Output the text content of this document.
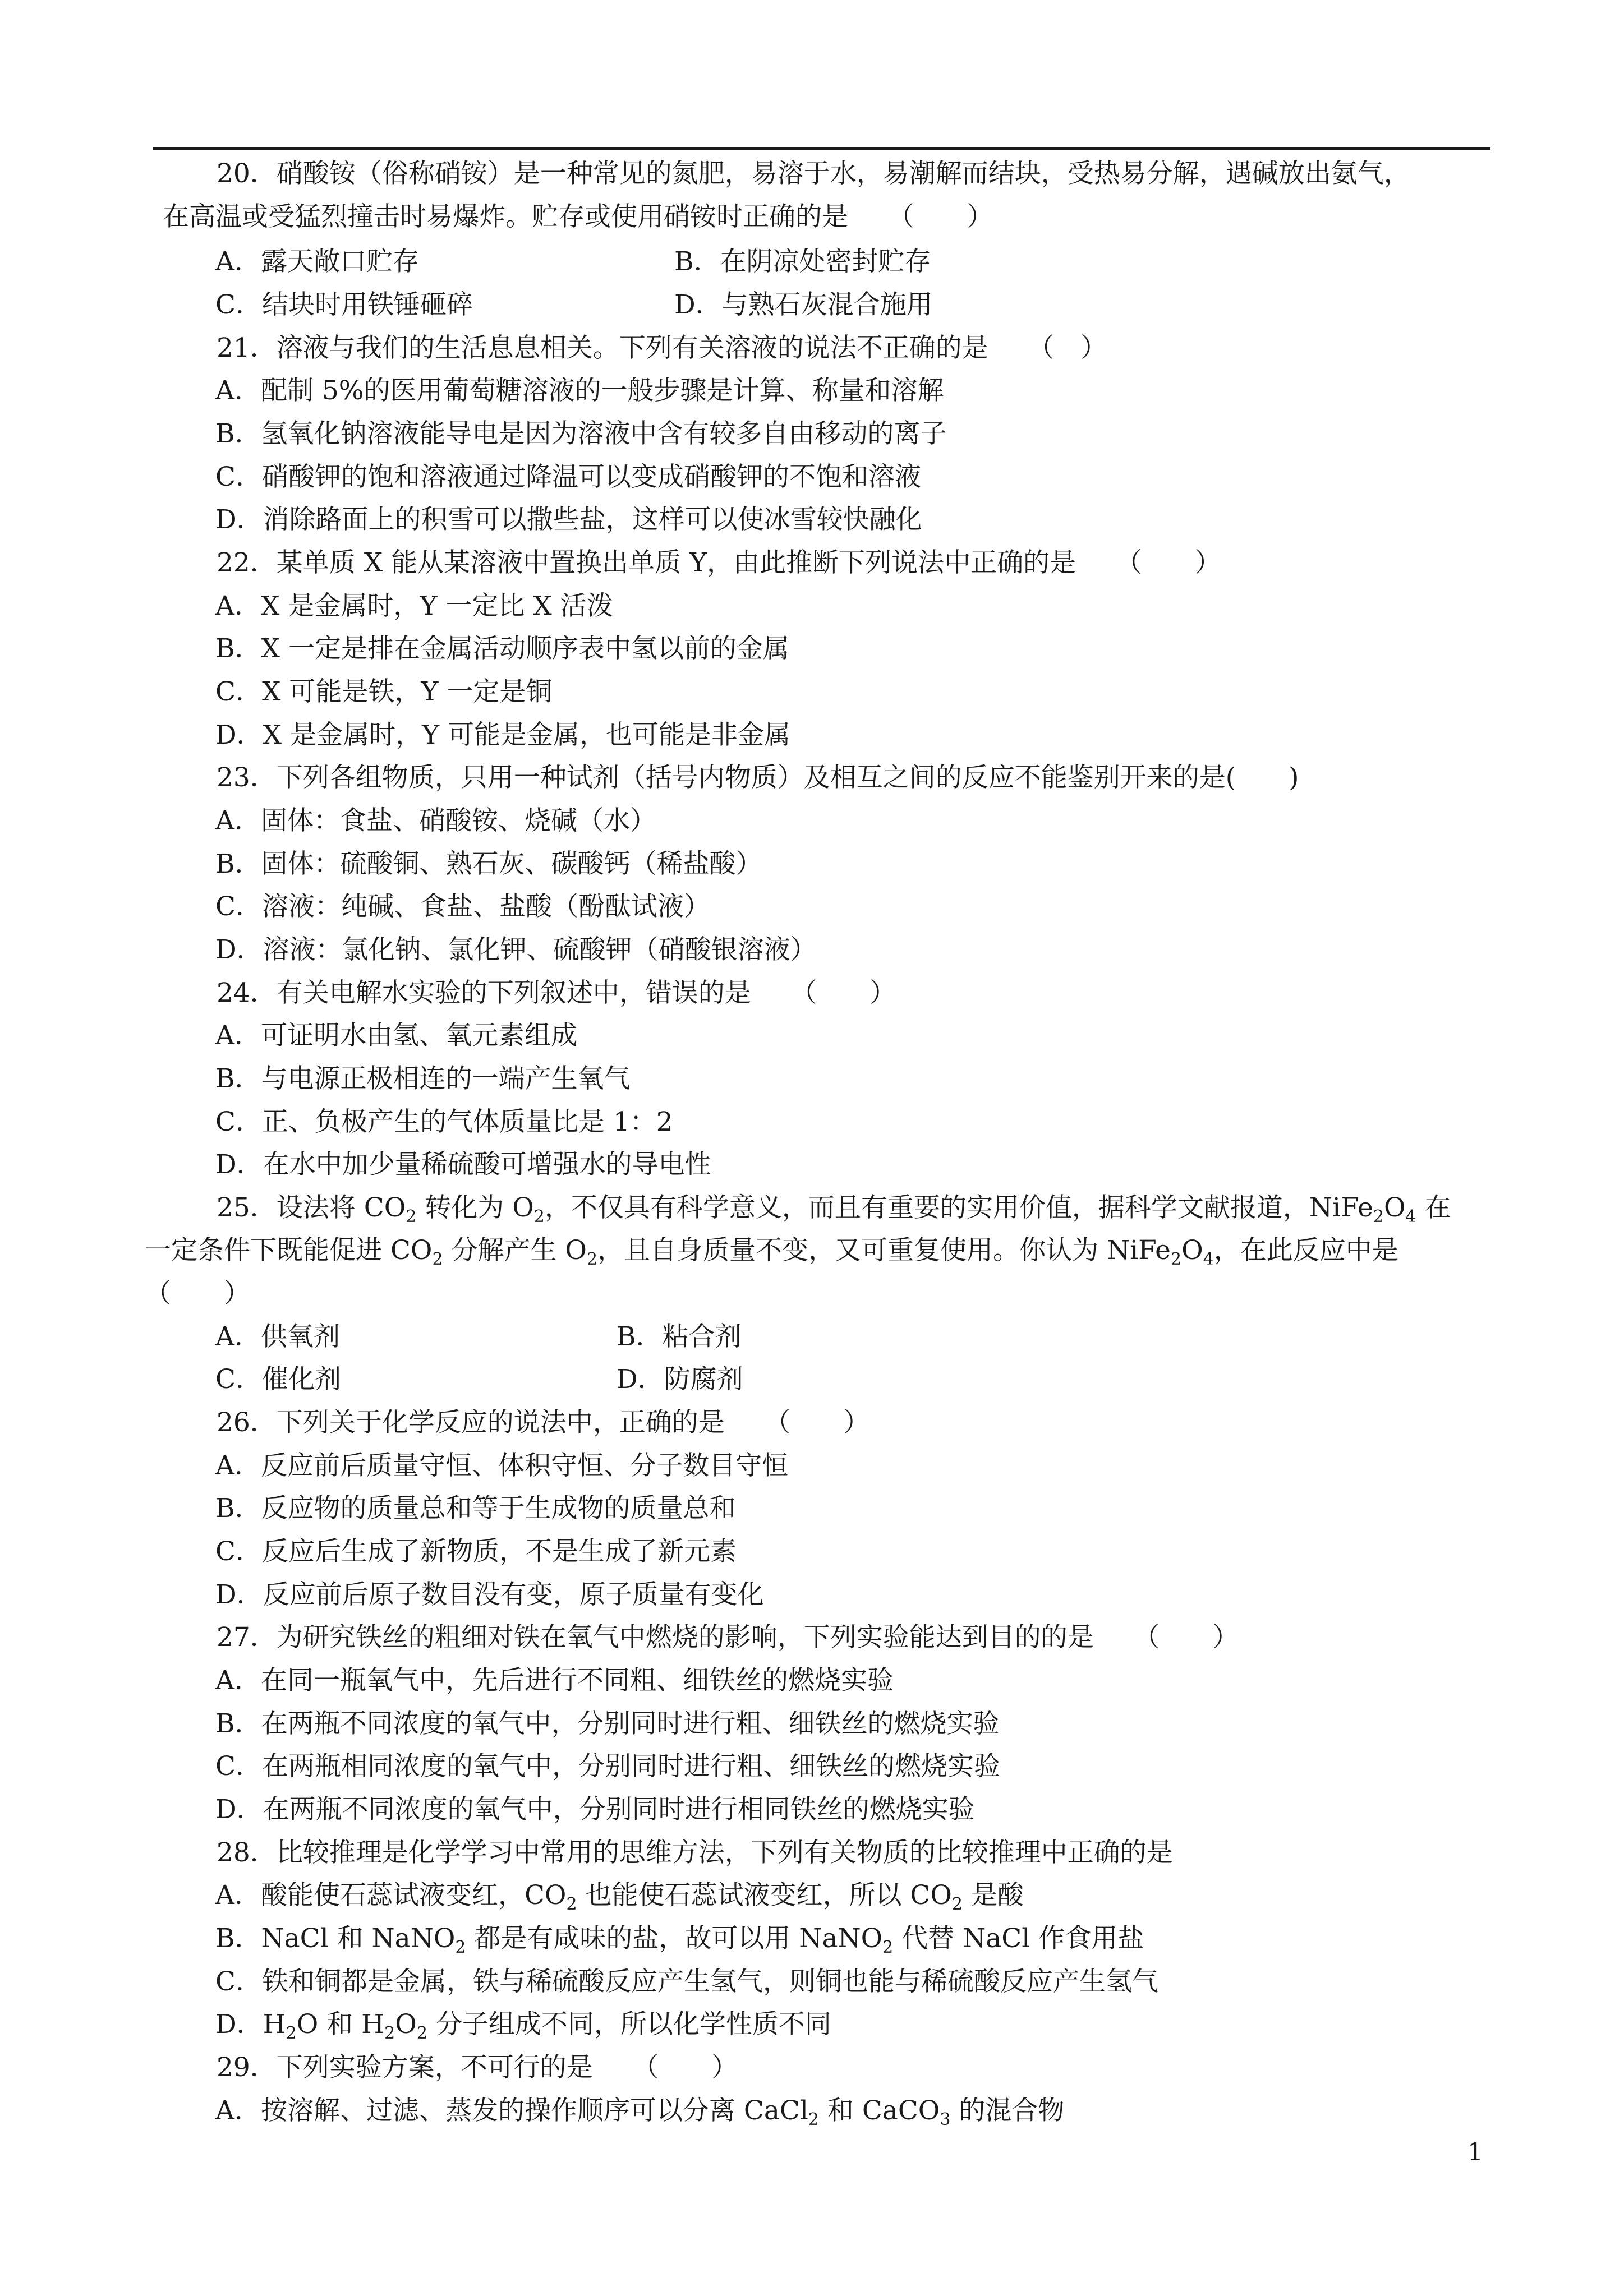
20．硝酸铵（俗称硝铵）是一种常见的氮肥，易溶于水，易潮解而结块，受热易分解，遇碱放出氨气，
在高温或受猛烈撞击时易爆炸。贮存或使用硝铵时正确的是　　（　　）
A．露天敞口贮存	B．在阴凉处密封贮存
C．结块时用铁锤砸碎	D．与熟石灰混合施用
21．溶液与我们的生活息息相关。下列有关溶液的说法不正确的是　　（　）
A．配制 5%的医用葡萄糖溶液的一般步骤是计算、称量和溶解
B．氢氧化钠溶液能导电是因为溶液中含有较多自由移动的离子
C．硝酸钾的饱和溶液通过降温可以变成硝酸钾的不饱和溶液
D．消除路面上的积雪可以撒些盐，这样可以使冰雪较快融化
22．某单质 X 能从某溶液中置换出单质 Y，由此推断下列说法中正确的是　　（　　）
A．X 是金属时，Y 一定比 X 活泼
B．X 一定是排在金属活动顺序表中氢以前的金属
C．X 可能是铁，Y 一定是铜
D．X 是金属时，Y 可能是金属，也可能是非金属
23．下列各组物质，只用一种试剂（括号内物质）及相互之间的反应不能鉴别开来的是(　　)
A．固体：食盐、硝酸铵、烧碱（水）
B．固体：硫酸铜、熟石灰、碳酸钙（稀盐酸）
C．溶液：纯碱、食盐、盐酸（酚酞试液）
D．溶液：氯化钠、氯化钾、硫酸钾（硝酸银溶液）
24．有关电解水实验的下列叙述中，错误的是　　（　　）
A．可证明水由氢、氧元素组成
B．与电源正极相连的一端产生氧气
C．正、负极产生的气体质量比是 1：2
D．在水中加少量稀硫酸可增强水的导电性
25．设法将 $CO_2$ 转化为 $O_2$，不仅具有科学意义，而且有重要的实用价值，据科学文献报道，$NiFe_2O_4$ 在
一定条件下既能促进 $CO_2$ 分解产生 $O_2$，且自身质量不变，又可重复使用。你认为 $NiFe_2O_4$，在此反应中是
（　　）
A．供氧剂	B．粘合剂
C．催化剂	D．防腐剂
26．下列关于化学反应的说法中，正确的是　　（　　）
A．反应前后质量守恒、体积守恒、分子数目守恒
B．反应物的质量总和等于生成物的质量总和
C．反应后生成了新物质，不是生成了新元素
D．反应前后原子数目没有变，原子质量有变化
27．为研究铁丝的粗细对铁在氧气中燃烧的影响，下列实验能达到目的的是　　（　　）
A．在同一瓶氧气中，先后进行不同粗、细铁丝的燃烧实验
B．在两瓶不同浓度的氧气中，分别同时进行粗、细铁丝的燃烧实验
C．在两瓶相同浓度的氧气中，分别同时进行粗、细铁丝的燃烧实验
D．在两瓶不同浓度的氧气中，分别同时进行相同铁丝的燃烧实验
28．比较推理是化学学习中常用的思维方法，下列有关物质的比较推理中正确的是
A．酸能使石蕊试液变红，$CO_2$ 也能使石蕊试液变红，所以 $CO_2$ 是酸
B．NaCl 和 NaNO$_2$ 都是有咸味的盐，故可以用 NaNO$_2$ 代替 NaCl 作食用盐
C．铁和铜都是金属，铁与稀硫酸反应产生氢气，则铜也能与稀硫酸反应产生氢气
D．$H_2O$ 和 $H_2O_2$ 分子组成不同，所以化学性质不同
29．下列实验方案，不可行的是　　（　　）
A．按溶解、过滤、蒸发的操作顺序可以分离 CaCl$_2$ 和 CaCO$_3$ 的混合物
1
